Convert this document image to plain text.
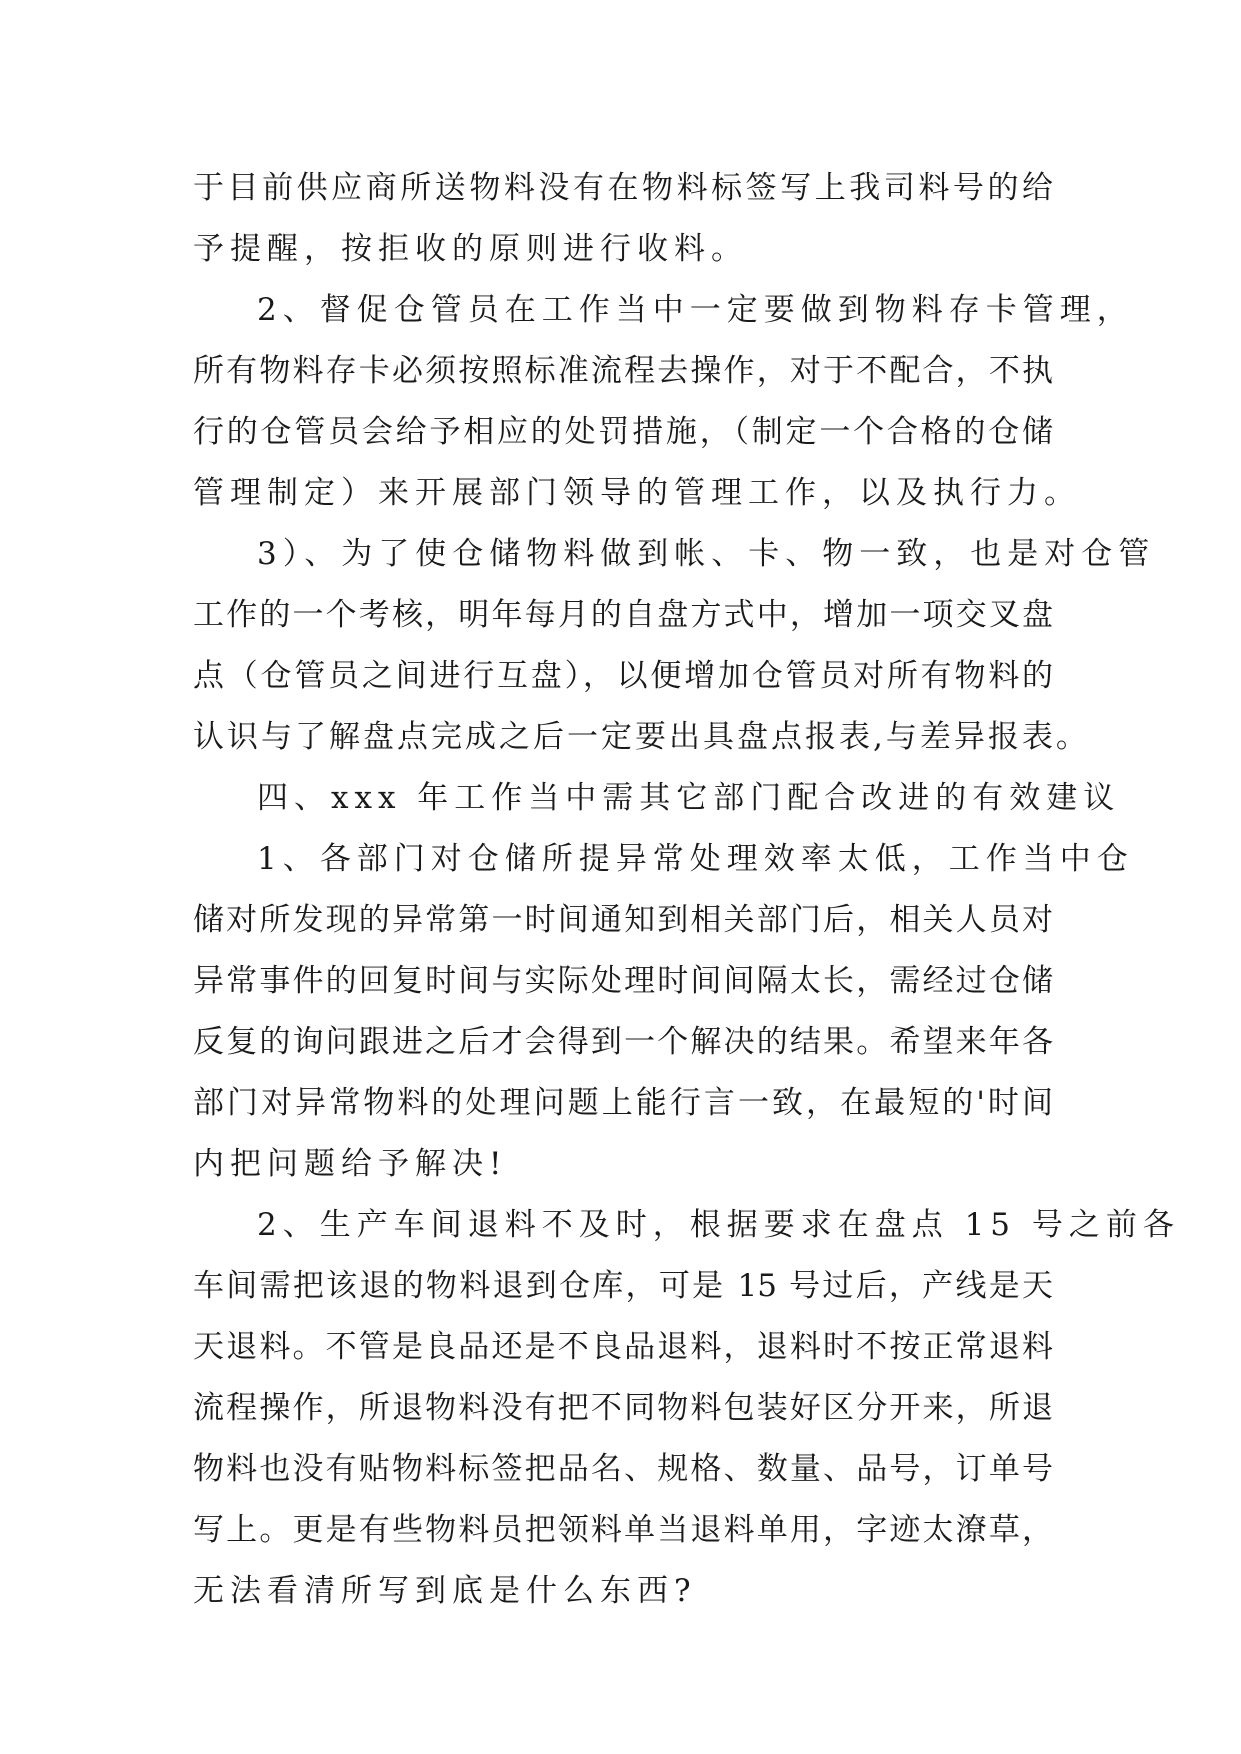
于目前供应商所送物料没有在物料标签写上我司料号的给
予提醒，按拒收的原则进行收料。
2、督促仓管员在工作当中一定要做到物料存卡管理，
所有物料存卡必须按照标准流程去操作，对于不配合，不执
行的仓管员会给予相应的处罚措施，（制定一个合格的仓储
管理制定）来开展部门领导的管理工作，以及执行力。
3）、为了使仓储物料做到帐、卡、物一致，也是对仓管
工作的一个考核，明年每月的自盘方式中，增加一项交叉盘
点（仓管员之间进行互盘），以便增加仓管员对所有物料的
认识与了解盘点完成之后一定要出具盘点报表,与差异报表。
四、xxx 年工作当中需其它部门配合改进的有效建议
1、各部门对仓储所提异常处理效率太低，工作当中仓
储对所发现的异常第一时间通知到相关部门后，相关人员对
异常事件的回复时间与实际处理时间间隔太长，需经过仓储
反复的询问跟进之后才会得到一个解决的结果。希望来年各
部门对异常物料的处理问题上能行言一致，在最短的'时间
内把问题给予解决!
2、生产车间退料不及时，根据要求在盘点 15 号之前各
车间需把该退的物料退到仓库，可是 15 号过后，产线是天
天退料。不管是良品还是不良品退料，退料时不按正常退料
流程操作，所退物料没有把不同物料包装好区分开来，所退
物料也没有贴物料标签把品名、规格、数量、品号，订单号
写上。更是有些物料员把领料单当退料单用，字迹太潦草，
无法看清所写到底是什么东西?
